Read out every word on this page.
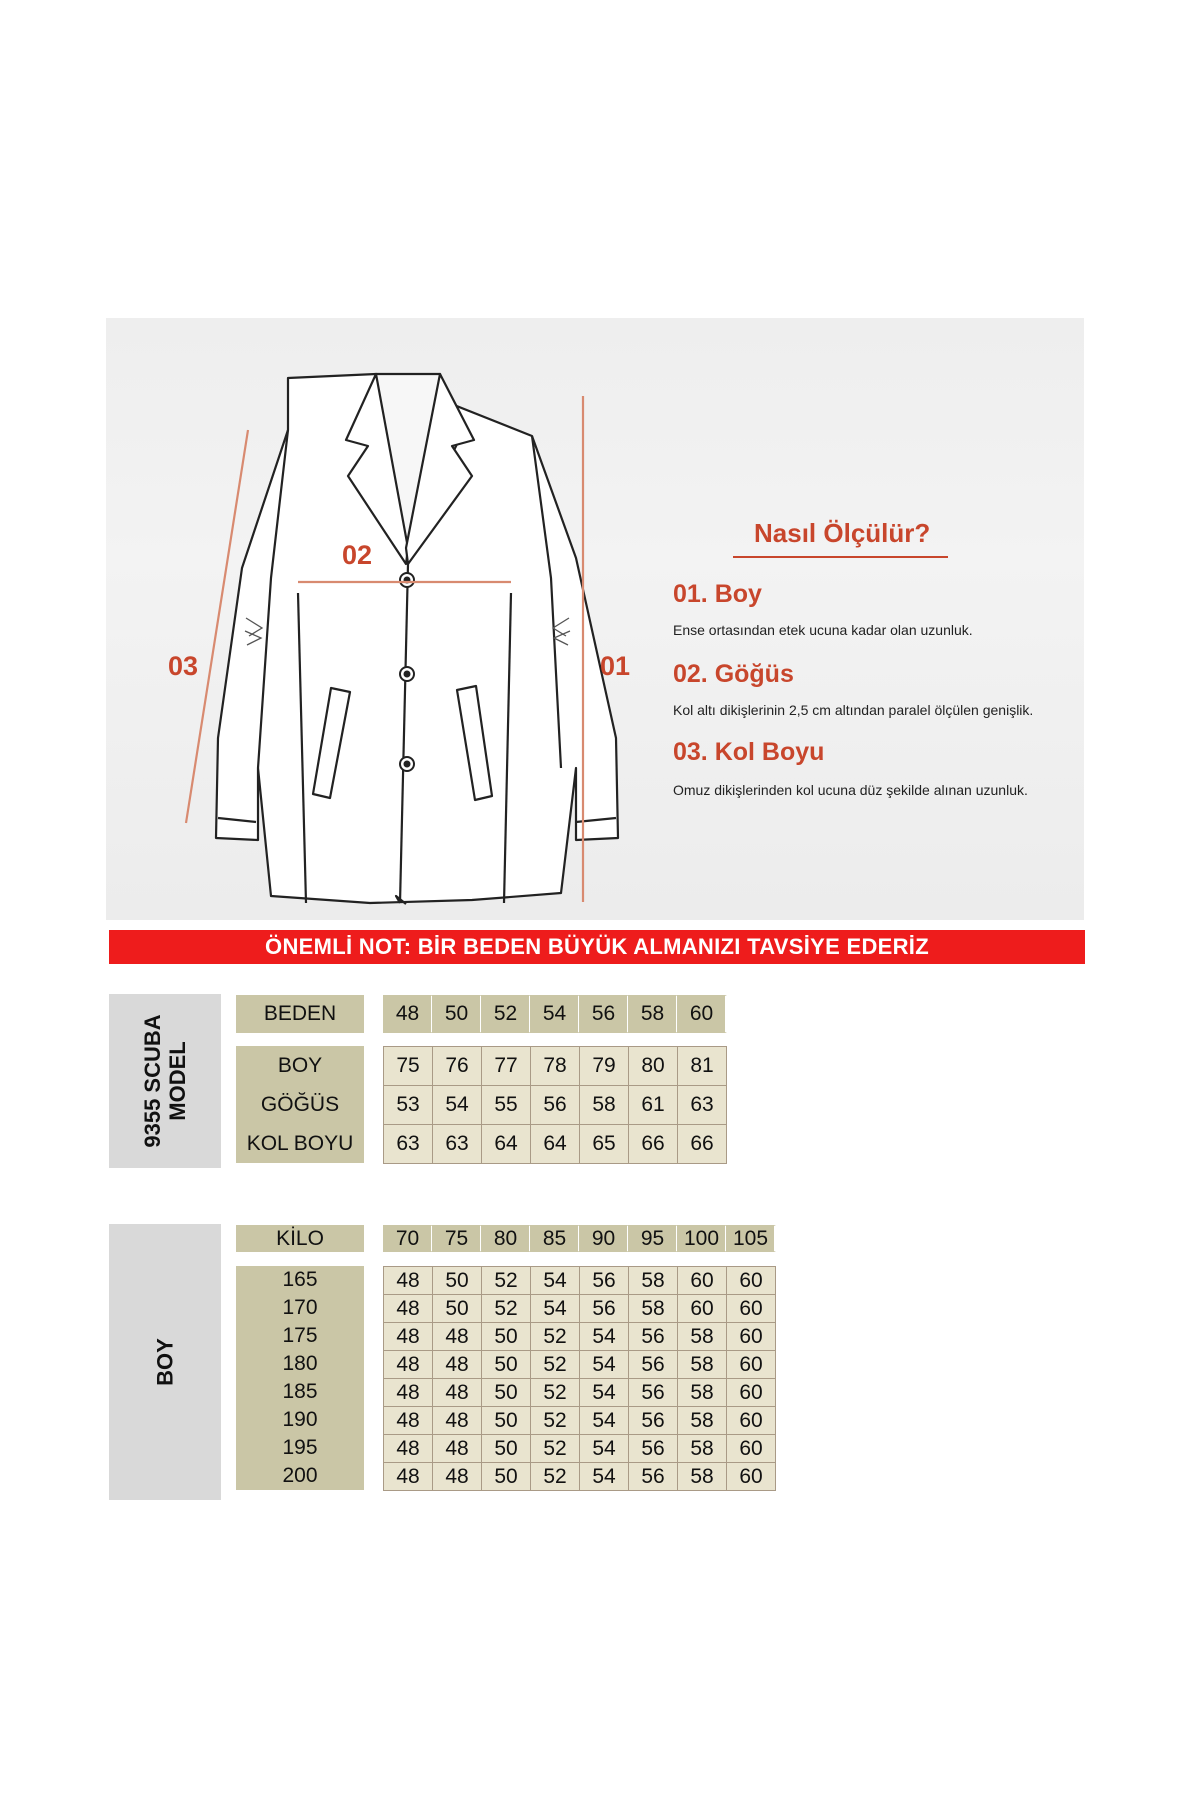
02
01
03
Nasıl Ölçülür?
01. Boy
Ense ortasından etek ucuna kadar olan uzunluk.
02. Göğüs
Kol altı dikişlerinin 2,5 cm altından paralel ölçülen genişlik.
03. Kol Boyu
Omuz dikişlerinden kol ucuna düz şekilde alınan uzunluk.
ÖNEMLİ NOT: BİR BEDEN BÜYÜK ALMANIZI TAVSİYE EDERİZ
9355 SCUBA MODEL
BEDEN	48	50	52	54	56	58	60
BOY	75	76	77	78	79	80	81
GÖĞÜS	53	54	55	56	58	61	63
KOL BOYU	63	63	64	64	65	66	66
BOY
KİLO	70	75	80	85	90	95 100 105
165	48	50	52	54	56	58	60	60
170	48	50	52	54	56	58	60	60
175	48	48	50	52	54	56	58	60
180	48	48	50	52	54	56	58	60
185	48	48	50	52	54	56	58	60
190	48	48	50	52	54	56	58	60
195	48	48	50	52	54	56	58	60
200	48	48	50	52	54	56	58	60
